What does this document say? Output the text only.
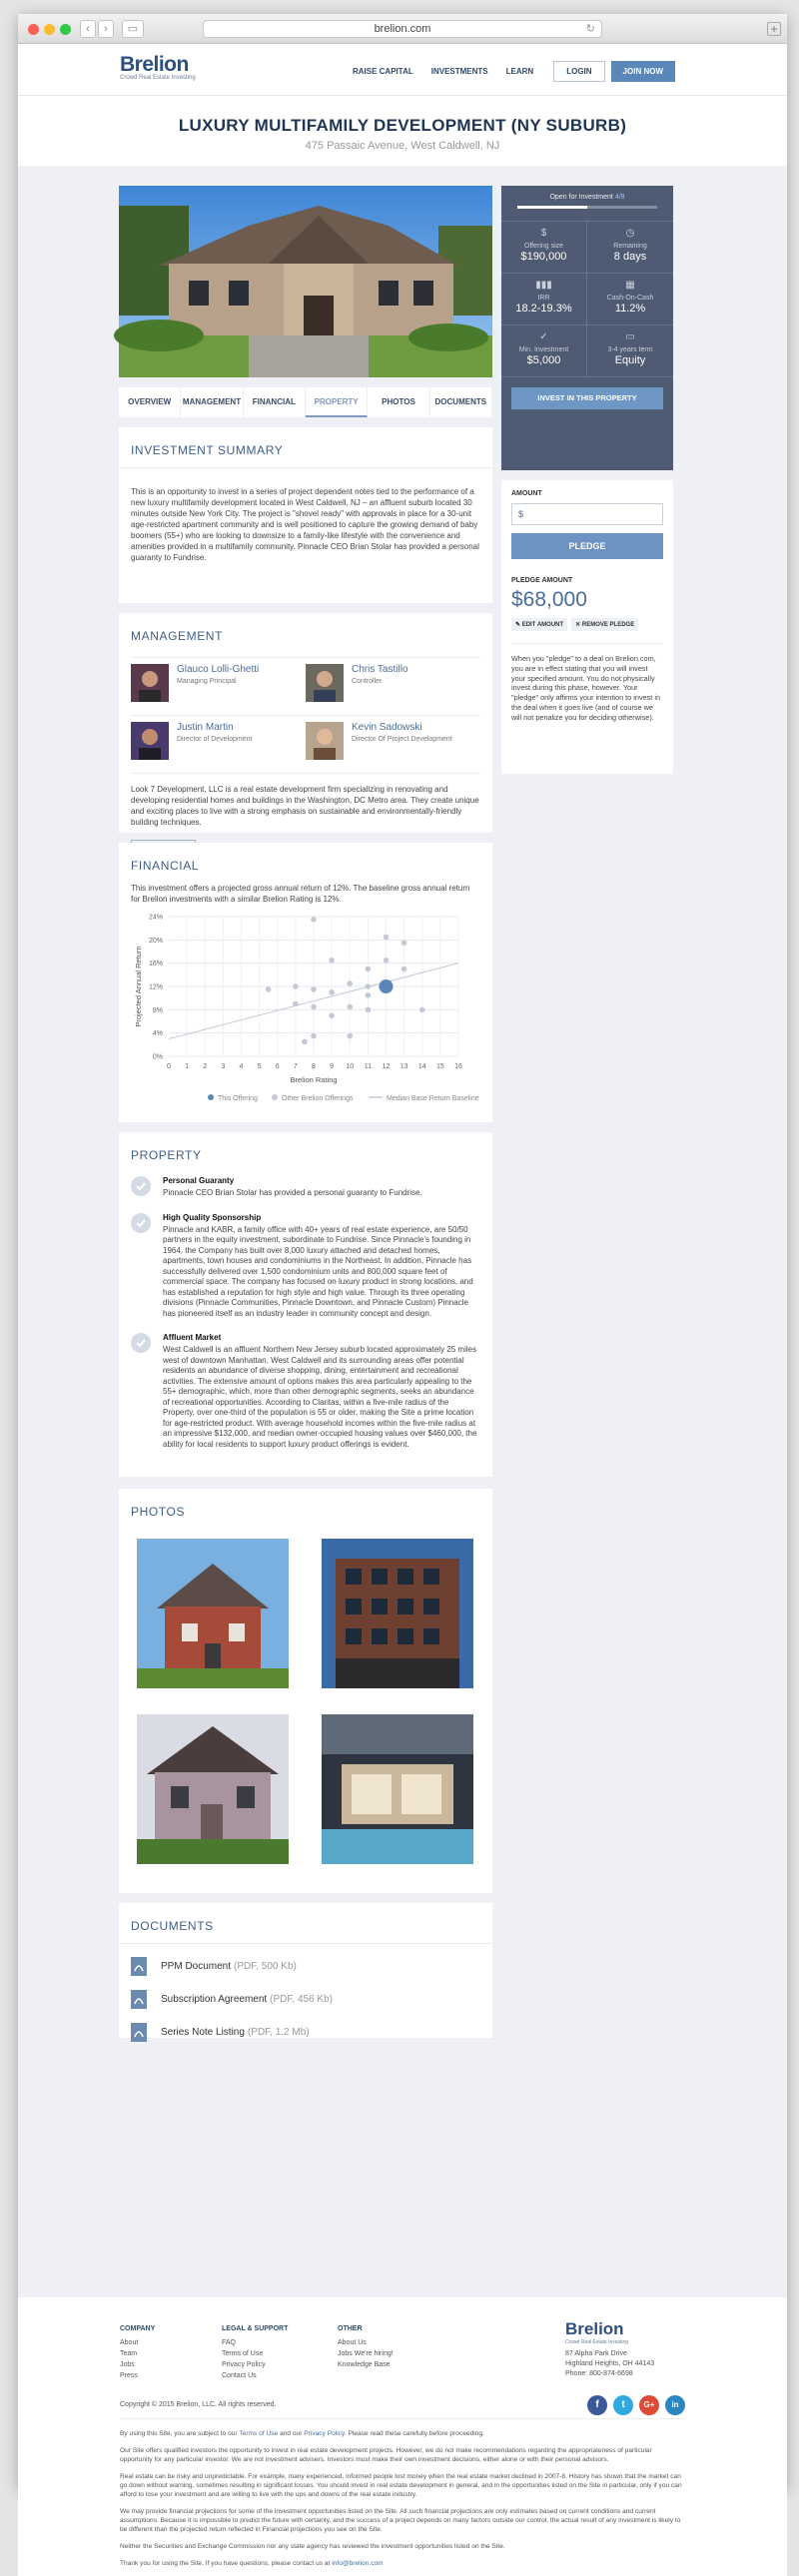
‹	›	▭	brelion.com	↻	+
Brelion
Crowd Real Estate Investing
RAISE CAPITAL INVESTMENTS LEARN	LOGIN	JOIN NOW
LUXURY MULTIFAMILY DEVELOPMENT (NY SUBURB)
475 Passaic Avenue, West Caldwell, NJ
OVERVIEW	MANAGEMENT	FINANCIAL	PROPERTY	PHOTOS	DOCUMENTS
INVESTMENT SUMMARY
This is an opportunity to invest in a series of project dependent notes tied to the performance of a new luxury multifamily development located in West Caldwell, NJ – an affluent suburb located 30 minutes outside New York City. The project is "shovel ready" with approvals in place for a 30-unit age-restricted apartment community and is well positioned to capture the growing demand of baby boomers (55+) who are looking to downsize to a family-like lifestyle with the convenience and amenities provided in a multifamily community. Pinnacle CEO Brian Stolar has provided a personal guaranty to Fundrise.
MANAGEMENT
Glauco Lolli-Ghetti
Managing Principal
Chris Tastillo
Controller
Justin Martin
Director of Development
Kevin Sadowski
Director Of Project Development
Look 7 Development, LLC is a real estate development firm specializing in renovating and developing residential homes and buildings in the Washington, DC Metro area. They create unique and exciting places to live with a strong emphasis on sustainable and environmentally-friendly building techniques.
FINANCIAL
This investment offers a projected gross annual return of 12%. The baseline gross annual return for Brelion investments with a similar Brelion Rating is 12%.
0%
4%
8%
12%
16%
20%
24%
0 1 2 3 4 5 6 7 8 9 10 11 12 13 14 15 16
Brelion Rating
Projected Annual Return
This Offering	Other Brelion Offerings	Median Base Return Baseline
PROPERTY
Personal Guaranty
Pinnacle CEO Brian Stolar has provided a personal guaranty to Fundrise.
High Quality Sponsorship
Pinnacle and KABR, a family office with 40+ years of real estate experience, are 50/50 partners in the equity investment, subordinate to Fundrise. Since Pinnacle's founding in 1964, the Company has built over 8,000 luxury attached and detached homes, apartments, town houses and condominiums in the Northeast. In addition, Pinnacle has successfully delivered over 1,500 condominium units and 800,000 square feet of commercial space. The company has focused on luxury product in strong locations, and has established a reputation for high style and high value. Through its three operating divisions (Pinnacle Communities, Pinnacle Downtown, and Pinnacle Custom) Pinnacle has pioneered itself as an industry leader in community concept and design.
Affluent Market
West Caldwell is an affluent Northern New Jersey suburb located approximately 25 miles west of downtown Manhattan. West Caldwell and its surrounding areas offer potential residents an abundance of diverse shopping, dining, entertainment and recreational activities. The extensive amount of options makes this area particularly appealing to the 55+ demographic, which, more than other demographic segments, seeks an abundance of recreational opportunities. According to Claritas, within a five-mile radius of the Property, over one-third of the population is 55 or older, making the Site a prime location for age-restricted product. With average household incomes within the five-mile radius at an impressive $132,000, and median owner-occupied housing values over $460,000, the ability for local residents to support luxury product offerings is evident.
PHOTOS
DOCUMENTS
PPM Document (PDF, 500 Kb)
Subscription Agreement (PDF, 456 Kb)
Series Note Listing (PDF, 1.2 Mb)
Open for Investment 4/8
$
Offering size
$190,000
◷
Remaining
8 days
▮▮▮
IRR
18.2-19.3%
▦
Cash-On-Cash
11.2%
✓
Min. Investment
$5,000
▭
3-4 years term
Equity
INVEST IN THIS PROPERTY
AMOUNT
$
PLEDGE
PLEDGE AMOUNT
$68,000
✎ EDIT AMOUNT	✕ REMOVE PLEDGE
When you "pledge" to a deal on Brelion.com, you are in effect stating that you will invest your specified amount. You do not physically invest during this phase, however. Your "pledge" only affirms your intention to invest in the deal when it goes live (and of course we will not penalize you for deciding otherwise).
COMPANY
About
Team
Jobs
Press
LEGAL & SUPPORT
FAQ
Terms of Use
Privacy Policy
Contact Us
OTHER
About Us
Jobs We're hiring!
Knowledge Base
Brelion
Crowd Real Estate Investing
87 Alpha Park Drive
Highland Heights, OH 44143
Phone: 800-874-6698
f	t	G+	in
Copyright © 2015 Brelion, LLC. All rights reserved.

By using this Site, you are subject to our Terms of Use and our Privacy Policy. Please read these carefully before proceeding.

Our Site offers qualified investors the opportunity to invest in real estate development projects. However, we do not make recommendations regarding the appropriateness of particular opportunity for any particular investor. We are not investment advisers. Investors must make their own investment decisions, either alone or with their personal advisors.

Real estate can be risky and unpredictable. For example, many experienced, informed people lost money when the real estate market declined in 2007-8. History has shown that the market can go down without warning, sometimes resulting in significant losses. You should invest in real estate development in general, and in the opportunities listed on the Site in particular, only if you can afford to lose your investment and are willing to live with the ups and downs of the real estate industry.

We may provide financial projections for some of the investment opportunities listed on the Site. All such financial projections are only estimates based on current conditions and current assumptions. Because it is impossible to predict the future with certainty, and the success of a project depends on many factors outside our control, the actual result of any investment is likely to be different than the projected return reflected in Financial projections you see on the Site.

Neither the Securities and Exchange Commission nor any state agency has reviewed the investment opportunities listed on the Site.

Thank you for using the Site. If you have questions, please contact us at info@brelion.com
